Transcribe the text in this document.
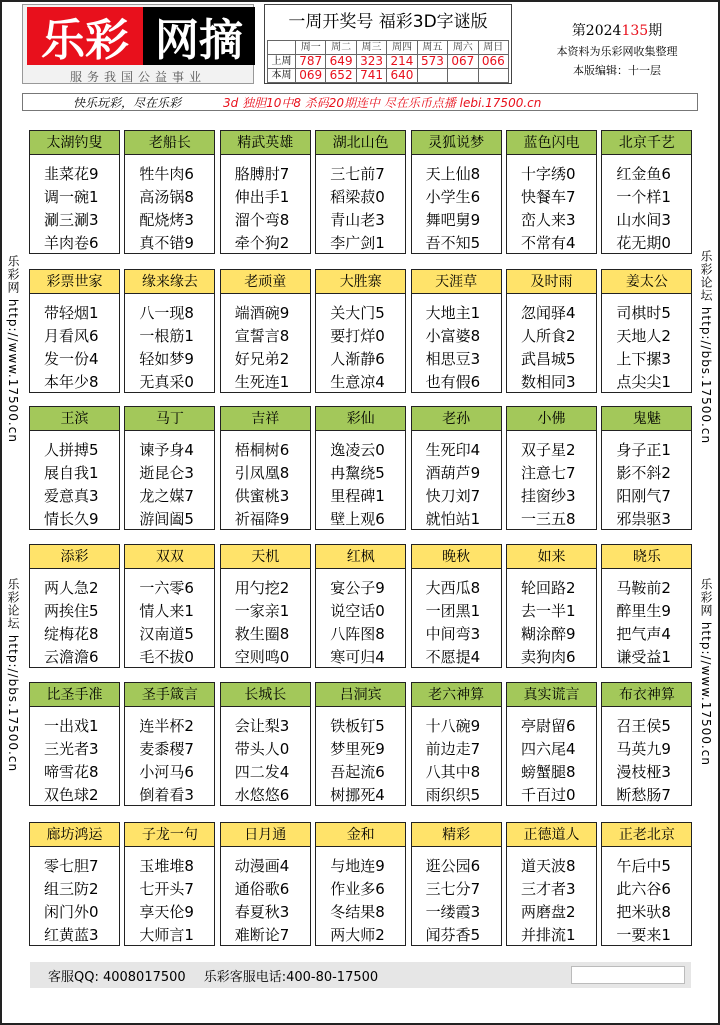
乐彩 网摘
服务我国公益事业
一周开奖号 福彩3D字谜版
	周一	周二	周三	周四	周五	周六	周日
上周	787	649	323	214	573	067	066
本周	069	652	741	640			
第2024135期
本资料为乐彩网收集整理
本版编辑：十一层
快乐玩彩，尽在乐彩	3d 独胆10中8 杀码20期连中 尽在乐币点播 lebi.17500.cn
乐彩网 http://www.17500.cn
乐彩论坛 http://bbs.17500.cn
乐彩论坛 http://bbs.17500.cn
乐彩网 http://www.17500.cn
太湖钓叟
韭菜花9
调一碗1
涮三涮3
羊肉卷6
老船长
牲牛肉6
高汤锅8
配烧烤3
真不错9
精武英雄
胳膊肘7
伸出手1
溜个弯8
牵个狗2
湖北山色
三七前7
稻梁菽0
青山老3
李广剑1
灵狐说梦
天上仙8
小学生6
舞吧舅9
吾不知5
蓝色闪电
十字绣0
快餐车7
峦人来3
不常有4
北京千艺
红金鱼6
一个样1
山水间3
花无期0
彩票世家
带轻烟1
月看风6
发一份4
本年少8
缘来缘去
八一现8
一根筋1
轻如梦9
无真采0
老顽童
端酒碗9
宣誓言8
好兄弟2
生死连1
大胜寨
关大门5
要打烊0
人渐静6
生意凉4
天涯草
大地主1
小富婆8
相思豆3
也有假6
及时雨
忽闻驿4
人所食2
武昌城5
数相同3
姜太公
司棋时5
天地人2
上下摞3
点尖尖1
王滨
人拼搏5
展自我1
爱意真3
情长久9
马丁
谏予身4
逝昆仑3
龙之媒7
游闾阖5
吉祥
梧桐树6
引凤凰8
供蜜桃3
祈福降9
彩仙
逸凌云0
冉黧绕5
里程碑1
壁上观6
老孙
生死印4
酒葫芦9
快刀刘7
就怕站1
小佛
双子星2
注意七7
挂窗纱3
一三五8
鬼魅
身子正1
影不斜2
阳刚气7
邪祟驱3
添彩
两人急2
两挨住5
绽梅花8
云澹澹6
双双
一六零6
情人来1
汉南道5
毛不拔0
天机
用勺挖2
一家亲1
救生圈8
空则鸣0
红枫
宴公子9
说空话0
八阵图8
寒可归4
晚秋
大西瓜8
一团黑1
中间弯3
不愿提4
如来
轮回路2
去一半1
糊涂醉9
卖狗肉6
晓乐
马鞍前2
醉里生9
把气声4
谦受益1
比圣手准
一出戏1
三光者3
啼雪花8
双色球2
圣手箴言
连半杯2
麦黍稷7
小河马6
倒着看3
长城长
会让梨3
带头人0
四二发4
水悠悠6
吕洞宾
铁板钉5
梦里死9
吾起流6
树挪死4
老六神算
十八碗9
前边走7
八其中8
雨织织5
真实谎言
亭尉留6
四六尾4
螃蟹腿8
千百过0
布衣神算
召王侯5
马英九9
漫枝桠3
断愁肠7
廊坊鸿运
零七胆7
组三防2
闲门外0
红黄蓝3
子龙一句
玉堆堆8
七开头7
享天伦9
大师言1
日月通
动漫画4
通俗歌6
春夏秋3
难断论7
金和
与地连9
作业多6
冬结果8
两大师2
精彩
逛公园6
三七分7
一缕霞3
闻芬香5
正德道人
道天波8
三才者3
两磨盘2
并排流1
正老北京
午后中5
此六谷6
把米驮8
一要来1
客服QQ: 4008017500 乐彩客服电话:400-80-17500
